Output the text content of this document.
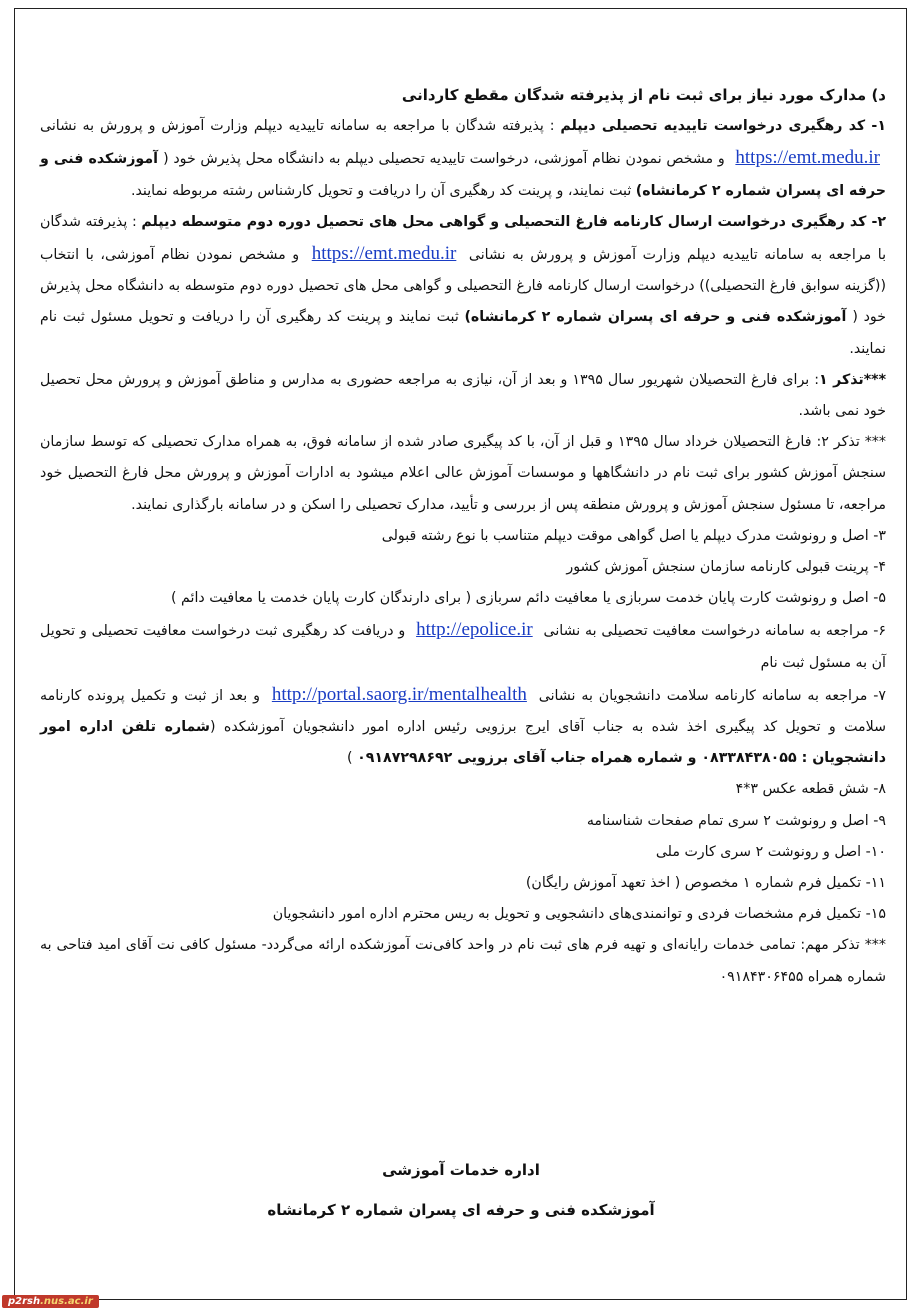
د) مدارک مورد نیاز برای ثبت نام از پذیرفته شدگان مقطع کاردانی

۱- کد رهگیری درخواست تاییدیه تحصیلی دیپلم : پذیرفته شدگان با مراجعه به سامانه تاییدیه دیپلم وزارت آموزش و پرورش به نشانی https://emt.medu.ir و مشخص نمودن نظام آموزشی، درخواست تاییدیه تحصیلی دیپلم به دانشگاه محل پذیرش خود ( آموزشکده فنی و حرفه ای پسران شماره ۲ کرمانشاه) ثبت نمایند، و پرینت کد رهگیری آن را دریافت و تحویل کارشناس رشته مربوطه نمایند.

۲- کد رهگیری درخواست ارسال کارنامه فارغ التحصیلی و گواهی محل های تحصیل دوره دوم متوسطه دیپلم : پذیرفته شدگان با مراجعه به سامانه تاییدیه دیپلم وزارت آموزش و پرورش به نشانی https://emt.medu.ir و مشخص نمودن نظام آموزشی، با انتخاب ((گزینه سوابق فارغ التحصیلی)) درخواست ارسال کارنامه فارغ التحصیلی و گواهی محل های تحصیل دوره دوم متوسطه به دانشگاه محل پذیرش خود ( آموزشکده فنی و حرفه ای پسران شماره ۲ کرمانشاه) ثبت نمایند و پرینت کد رهگیری آن را دریافت و تحویل مسئول ثبت نام نمایند.

***تذکر ۱: برای فارغ التحصیلان شهریور سال ۱۳۹۵ و بعد از آن، نیازی به مراجعه حضوری به مدارس و مناطق آموزش و پرورش محل تحصیل خود نمی باشد.

*** تذکر ۲: فارغ التحصیلان خرداد سال ۱۳۹۵ و قبل از آن، با کد پیگیری صادر شده از سامانه فوق، به همراه مدارک تحصیلی که توسط سازمان سنجش آموزش کشور برای ثبت نام در دانشگاهها و موسسات آموزش عالی اعلام میشود به ادارات آموزش و پرورش محل فارغ التحصیل خود مراجعه، تا مسئول سنجش آموزش و پرورش منطقه پس از بررسی و تأیید، مدارک تحصیلی را اسکن و در سامانه بارگذاری نمایند.

۳- اصل و رونوشت مدرک دیپلم یا اصل گواهی موقت دیپلم متناسب با نوع رشته قبولی

۴- پرینت قبولی کارنامه سازمان سنجش آموزش کشور

۵- اصل و رونوشت کارت پایان خدمت سربازی یا معافیت دائم سربازی ( برای دارندگان کارت پایان خدمت یا معافیت دائم )

۶- مراجعه به سامانه درخواست معافیت تحصیلی به نشانی http://epolice.ir و دریافت کد رهگیری ثبت درخواست معافیت تحصیلی و تحویل آن به مسئول ثبت نام

۷- مراجعه به سامانه کارنامه سلامت دانشجویان به نشانی http://portal.saorg.ir/mentalhealth و بعد از ثبت و تکمیل پرونده کارنامه سلامت و تحویل کد پیگیری اخذ شده به جناب آقای ایرج برزویی رئیس اداره امور دانشجویان آموزشکده (شماره تلفن اداره امور دانشجویان : ۰۸۳۳۸۴۳۸۰۵۵ و شماره همراه جناب آقای برزویی ۰۹۱۸۷۲۹۸۶۹۲ )

۸- شش قطعه عکس ۳*۴

۹- اصل و رونوشت ۲ سری تمام صفحات شناسنامه

۱۰- اصل و رونوشت ۲ سری کارت ملی

۱۱- تکمیل فرم شماره ۱ مخصوص ( اخذ تعهد آموزش رایگان)

۱۵- تکمیل فرم مشخصات فردی و توانمندی‌های دانشجویی و تحویل به ریس محترم اداره امور دانشجویان

*** تذکر مهم: تمامی خدمات رایانه‌ای و تهیه فرم های ثبت نام در واحد کافی‌نت آموزشکده ارائه می‌گردد- مسئول کافی نت آقای امید فتاحی به شماره همراه ۰۹۱۸۴۳۰۶۴۵۵

اداره خدمات آموزشی
آموزشکده فنی و حرفه ای پسران شماره ۲ کرمانشاه
p2rsh.nus.ac.ir
